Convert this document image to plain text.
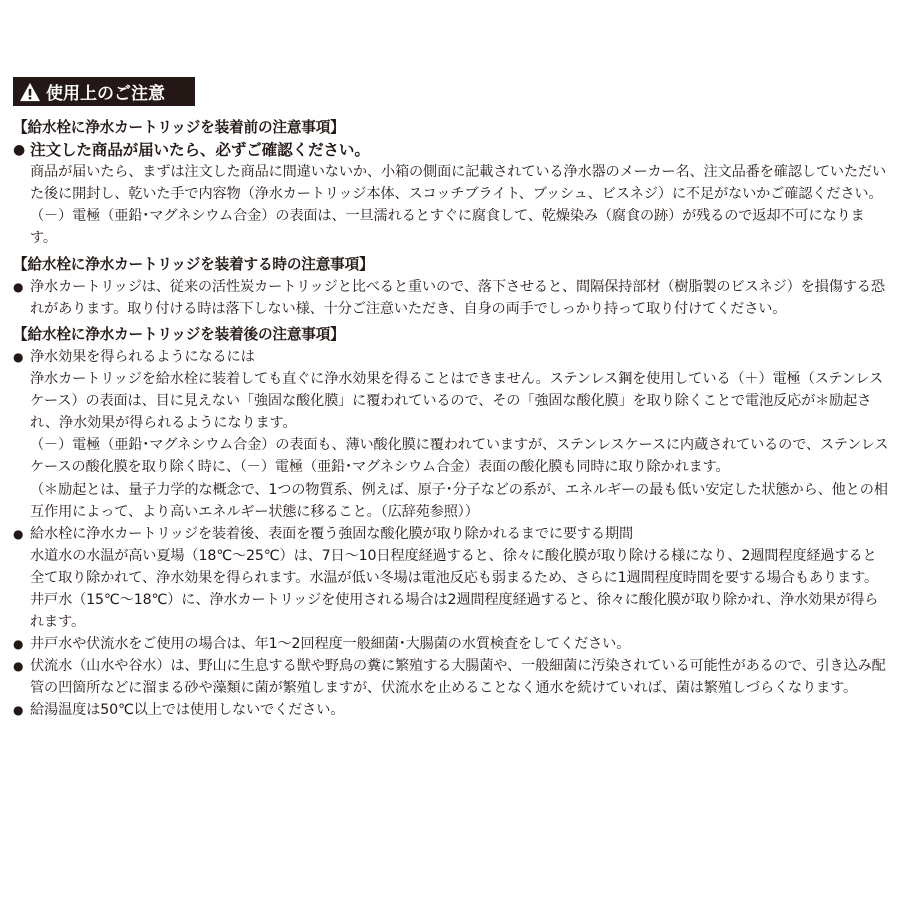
使用上のご注意
【給水栓に浄水カートリッジを装着前の注意事項】
● 注文した商品が届いたら、必ずご確認ください。
商品が届いたら、まずは注文した商品に間違いないか、小箱の側面に記載されている浄水器のメーカー名、注文品番を確認していただいた後に開封し、乾いた手で内容物（浄水カートリッジ本体、スコッチブライト、ブッシュ、ビスネジ）に不足がないかご確認ください。
（－）電極（亜鉛･マグネシウム合金）の表面は、一旦濡れるとすぐに腐食して、乾燥染み（腐食の跡）が残るので返却不可になります。
【給水栓に浄水カートリッジを装着する時の注意事項】
● 浄水カートリッジは、従来の活性炭カートリッジと比べると重いので、落下させると、間隔保持部材（樹脂製のビスネジ）を損傷する恐れがあります。取り付ける時は落下しない様、十分ご注意いただき、自身の両手でしっかり持って取り付けてください。
【給水栓に浄水カートリッジを装着後の注意事項】
● 浄水効果を得られるようになるには
浄水カートリッジを給水栓に装着しても直ぐに浄水効果を得ることはできません。ステンレス鋼を使用している（＋）電極（ステンレスケース）の表面は、目に見えない「強固な酸化膜」に覆われているので、その「強固な酸化膜」を取り除くことで電池反応が＊励起され、浄水効果が得られるようになります。
（－）電極（亜鉛･マグネシウム合金）の表面も、薄い酸化膜に覆われていますが、ステンレスケースに内蔵されているので、ステンレスケースの酸化膜を取り除く時に、（－）電極（亜鉛･マグネシウム合金）表面の酸化膜も同時に取り除かれます。
（＊励起とは、量子力学的な概念で、1つの物質系、例えば、原子･分子などの系が、エネルギーの最も低い安定した状態から、他との相互作用によって、より高いエネルギー状態に移ること。（広辞苑参照））
● 給水栓に浄水カートリッジを装着後、表面を覆う強固な酸化膜が取り除かれるまでに要する期間
水道水の水温が高い夏場（18℃～25℃）は、7日～10日程度経過すると、徐々に酸化膜が取り除ける様になり、2週間程度経過すると全て取り除かれて、浄水効果を得られます。水温が低い冬場は電池反応も弱まるため、さらに1週間程度時間を要する場合もあります。
井戸水（15℃～18℃）に、浄水カートリッジを使用される場合は2週間程度経過すると、徐々に酸化膜が取り除かれ、浄水効果が得られます。
● 井戸水や伏流水をご使用の場合は、年1～2回程度一般細菌･大腸菌の水質検査をしてください。
● 伏流水（山水や谷水）は、野山に生息する獣や野鳥の糞に繁殖する大腸菌や、一般細菌に汚染されている可能性があるので、引き込み配管の凹箇所などに溜まる砂や藻類に菌が繁殖しますが、伏流水を止めることなく通水を続けていれば、菌は繁殖しづらくなります。
● 給湯温度は50℃以上では使用しないでください。
